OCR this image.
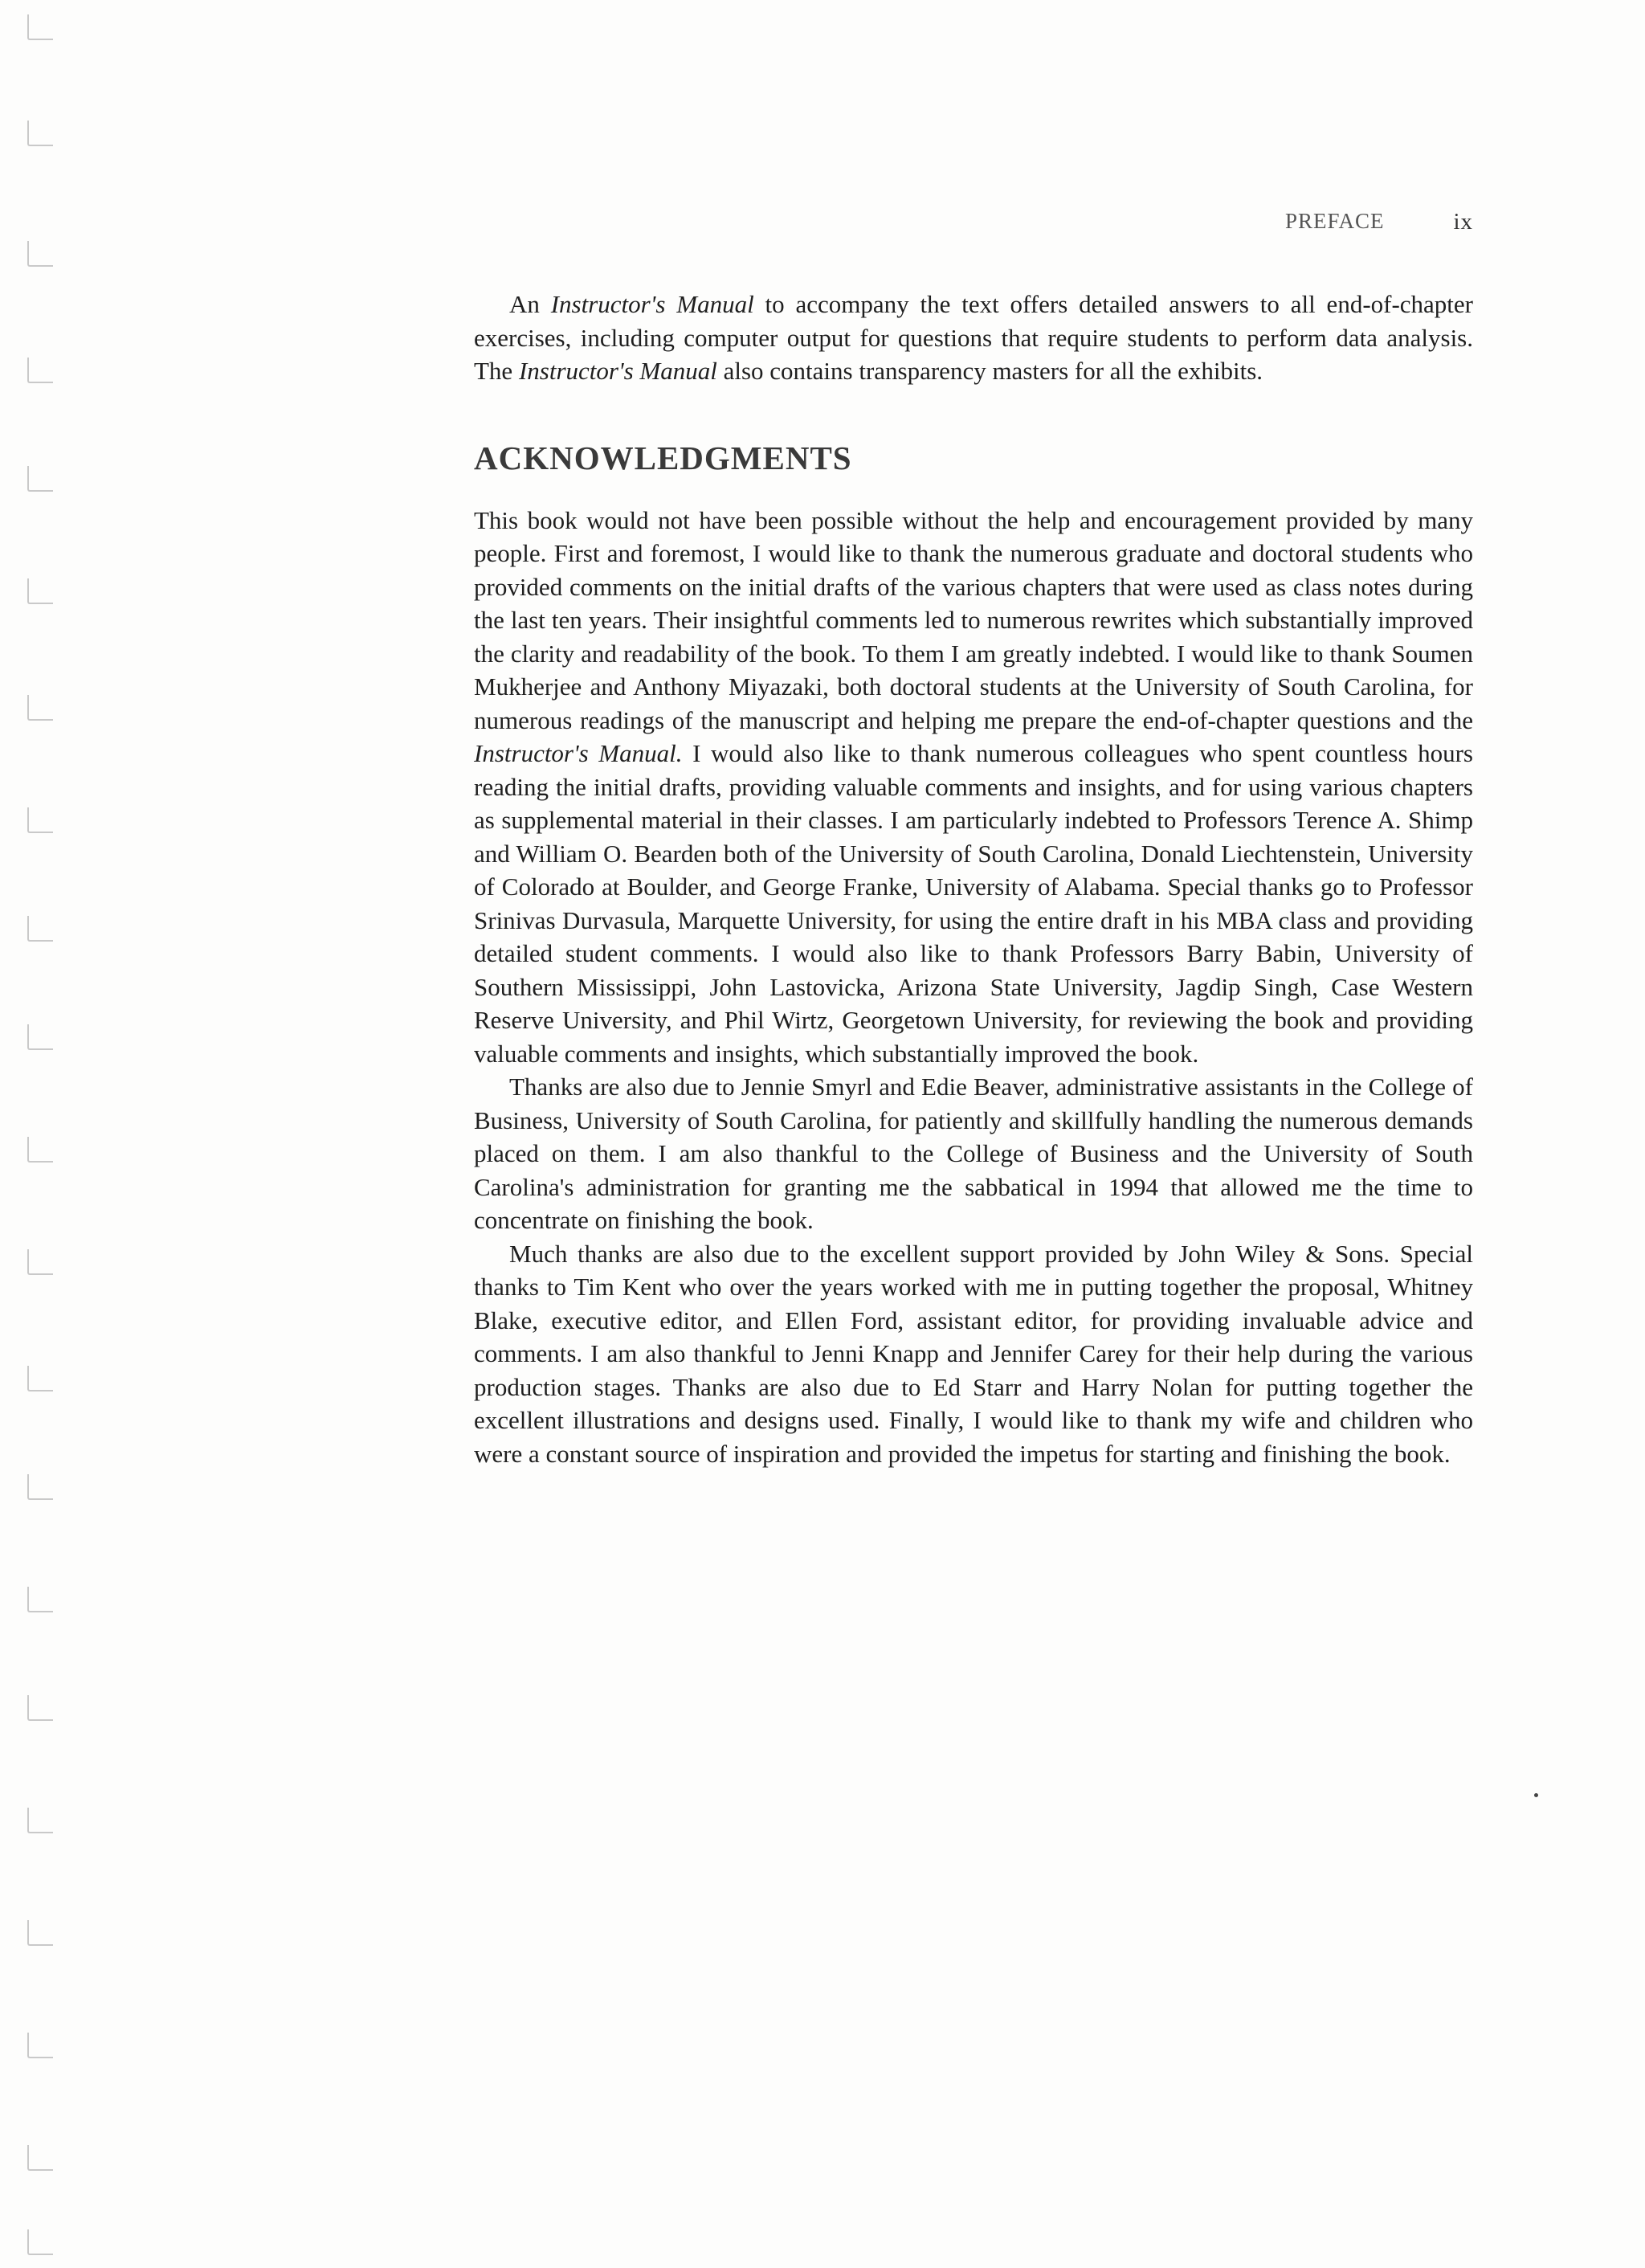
PREFACE	ix

An Instructor's Manual to accompany the text offers detailed answers to all end-of-chapter exercises, including computer output for questions that require students to perform data analysis. The Instructor's Manual also contains transparency masters for all the exhibits.

ACKNOWLEDGMENTS

This book would not have been possible without the help and encouragement provided by many people. First and foremost, I would like to thank the numerous graduate and doctoral students who provided comments on the initial drafts of the various chapters that were used as class notes during the last ten years. Their insightful comments led to numerous rewrites which substantially improved the clarity and readability of the book. To them I am greatly indebted. I would like to thank Soumen Mukherjee and Anthony Miyazaki, both doctoral students at the University of South Carolina, for numerous readings of the manuscript and helping me prepare the end-of-chapter questions and the Instructor's Manual. I would also like to thank numerous colleagues who spent countless hours reading the initial drafts, providing valuable comments and insights, and for using various chapters as supplemental material in their classes. I am particularly indebted to Professors Terence A. Shimp and William O. Bearden both of the University of South Carolina, Donald Liechtenstein, University of Colorado at Boulder, and George Franke, University of Alabama. Special thanks go to Professor Srinivas Durvasula, Marquette University, for using the entire draft in his MBA class and providing detailed student comments. I would also like to thank Professors Barry Babin, University of Southern Mississippi, John Lastovicka, Arizona State University, Jagdip Singh, Case Western Reserve University, and Phil Wirtz, Georgetown University, for reviewing the book and providing valuable comments and insights, which substantially improved the book.

Thanks are also due to Jennie Smyrl and Edie Beaver, administrative assistants in the College of Business, University of South Carolina, for patiently and skillfully handling the numerous demands placed on them. I am also thankful to the College of Business and the University of South Carolina's administration for granting me the sabbatical in 1994 that allowed me the time to concentrate on finishing the book.

Much thanks are also due to the excellent support provided by John Wiley & Sons. Special thanks to Tim Kent who over the years worked with me in putting together the proposal, Whitney Blake, executive editor, and Ellen Ford, assistant editor, for providing invaluable advice and comments. I am also thankful to Jenni Knapp and Jennifer Carey for their help during the various production stages. Thanks are also due to Ed Starr and Harry Nolan for putting together the excellent illustrations and designs used. Finally, I would like to thank my wife and children who were a constant source of inspiration and provided the impetus for starting and finishing the book.
